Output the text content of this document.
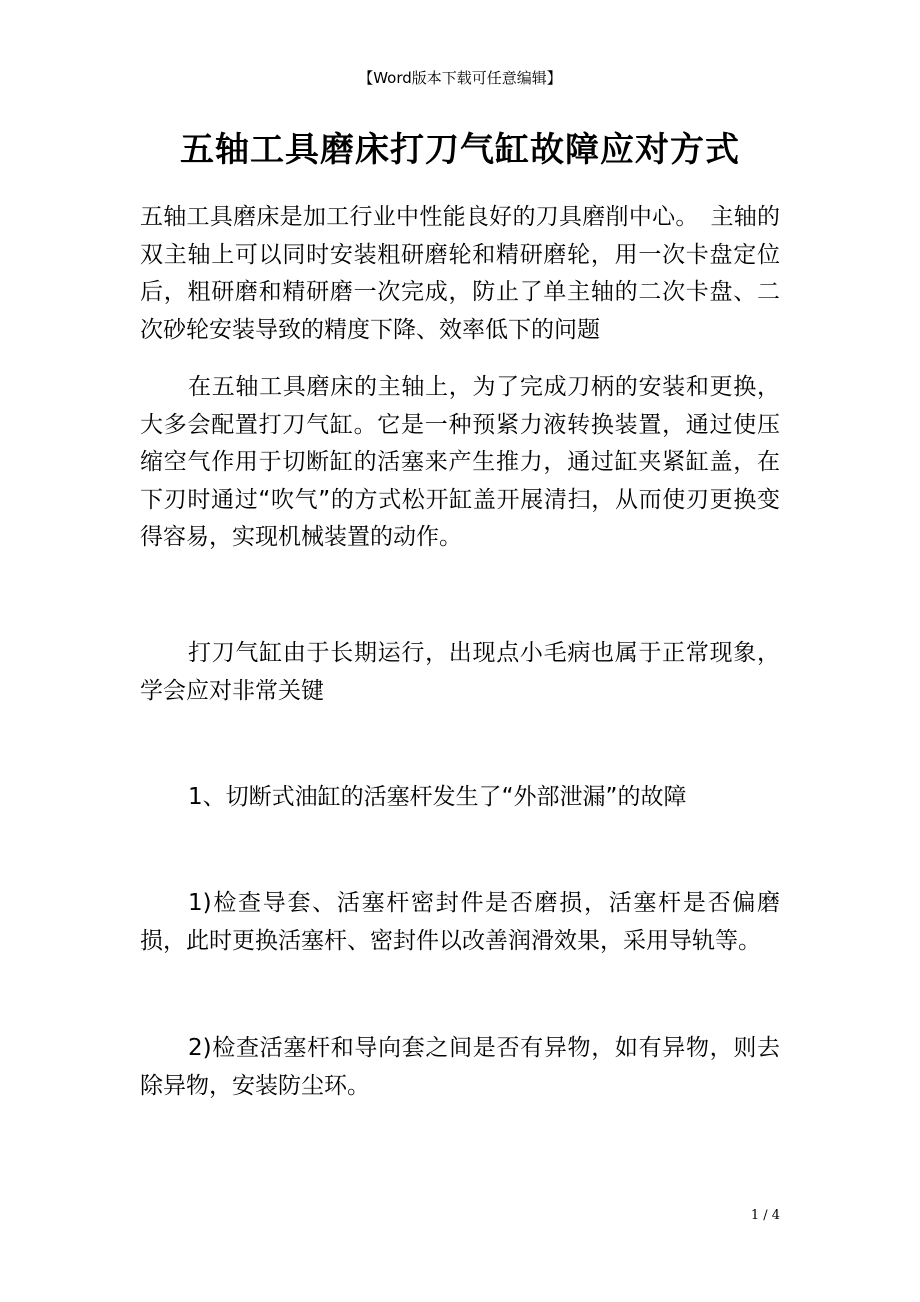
【Word版本下载可任意编辑】
五轴工具磨床打刀气缸故障应对方式

五轴工具磨床是加工行业中性能良好的刀具磨削中心。　主轴的双主轴上可以同时安装粗研磨轮和精研磨轮，用一次卡盘定位后，粗研磨和精研磨一次完成，防止了单主轴的二次卡盘、二次砂轮安装导致的精度下降、效率低下的问题

在五轴工具磨床的主轴上，为了完成刀柄的安装和更换，大多会配置打刀气缸。它是一种预紧力液转换装置，通过使压缩空气作用于切断缸的活塞来产生推力，通过缸夹紧缸盖，在下刃时通过“吹气”的方式松开缸盖开展清扫，从而使刃更换变得容易，实现机械装置的动作。

打刀气缸由于长期运行，出现点小毛病也属于正常现象，学会应对非常关键

1、切断式油缸的活塞杆发生了“外部泄漏”的故障

1)检查导套、活塞杆密封件是否磨损，活塞杆是否偏磨损，此时更换活塞杆、密封件以改善润滑效果，采用导轨等。

2)检查活塞杆和导向套之间是否有异物，如有异物，则去除异物，安装防尘环。

1 / 4
